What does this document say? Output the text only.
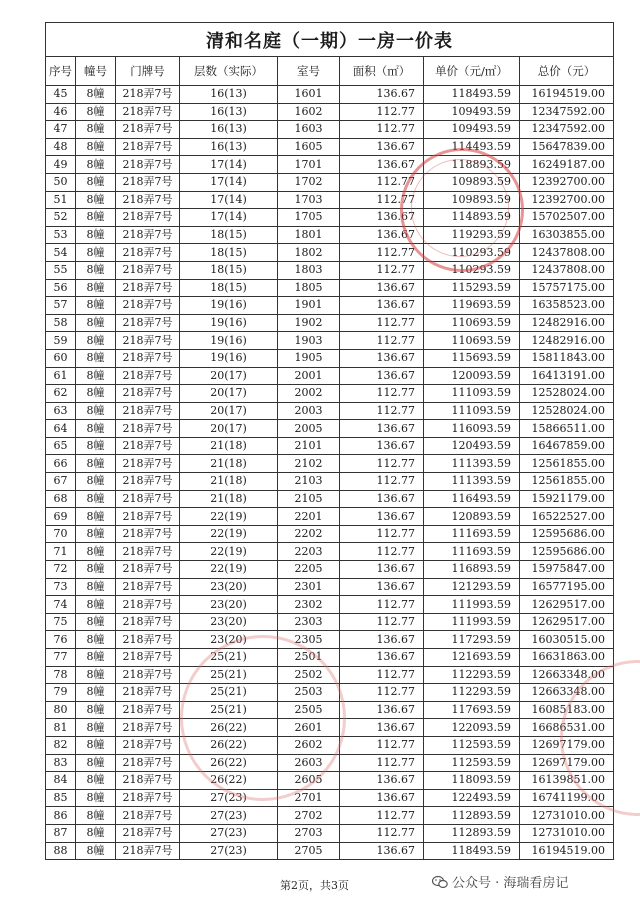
清和名庭（一期）一房一价表							
序号	幢号	门牌号	层数（实际）	室号	面积（㎡）	单价（元/㎡）	总价（元）
45	8幢	218弄7号	16(13)	1601	136.67	118493.59	16194519.00
46	8幢	218弄7号	16(13)	1602	112.77	109493.59	12347592.00
47	8幢	218弄7号	16(13)	1603	112.77	109493.59	12347592.00
48	8幢	218弄7号	16(13)	1605	136.67	114493.59	15647839.00
49	8幢	218弄7号	17(14)	1701	136.67	118893.59	16249187.00
50	8幢	218弄7号	17(14)	1702	112.77	109893.59	12392700.00
51	8幢	218弄7号	17(14)	1703	112.77	109893.59	12392700.00
52	8幢	218弄7号	17(14)	1705	136.67	114893.59	15702507.00
53	8幢	218弄7号	18(15)	1801	136.67	119293.59	16303855.00
54	8幢	218弄7号	18(15)	1802	112.77	110293.59	12437808.00
55	8幢	218弄7号	18(15)	1803	112.77	110293.59	12437808.00
56	8幢	218弄7号	18(15)	1805	136.67	115293.59	15757175.00
57	8幢	218弄7号	19(16)	1901	136.67	119693.59	16358523.00
58	8幢	218弄7号	19(16)	1902	112.77	110693.59	12482916.00
59	8幢	218弄7号	19(16)	1903	112.77	110693.59	12482916.00
60	8幢	218弄7号	19(16)	1905	136.67	115693.59	15811843.00
61	8幢	218弄7号	20(17)	2001	136.67	120093.59	16413191.00
62	8幢	218弄7号	20(17)	2002	112.77	111093.59	12528024.00
63	8幢	218弄7号	20(17)	2003	112.77	111093.59	12528024.00
64	8幢	218弄7号	20(17)	2005	136.67	116093.59	15866511.00
65	8幢	218弄7号	21(18)	2101	136.67	120493.59	16467859.00
66	8幢	218弄7号	21(18)	2102	112.77	111393.59	12561855.00
67	8幢	218弄7号	21(18)	2103	112.77	111393.59	12561855.00
68	8幢	218弄7号	21(18)	2105	136.67	116493.59	15921179.00
69	8幢	218弄7号	22(19)	2201	136.67	120893.59	16522527.00
70	8幢	218弄7号	22(19)	2202	112.77	111693.59	12595686.00
71	8幢	218弄7号	22(19)	2203	112.77	111693.59	12595686.00
72	8幢	218弄7号	22(19)	2205	136.67	116893.59	15975847.00
73	8幢	218弄7号	23(20)	2301	136.67	121293.59	16577195.00
74	8幢	218弄7号	23(20)	2302	112.77	111993.59	12629517.00
75	8幢	218弄7号	23(20)	2303	112.77	111993.59	12629517.00
76	8幢	218弄7号	23(20)	2305	136.67	117293.59	16030515.00
77	8幢	218弄7号	25(21)	2501	136.67	121693.59	16631863.00
78	8幢	218弄7号	25(21)	2502	112.77	112293.59	12663348.00
79	8幢	218弄7号	25(21)	2503	112.77	112293.59	12663348.00
80	8幢	218弄7号	25(21)	2505	136.67	117693.59	16085183.00
81	8幢	218弄7号	26(22)	2601	136.67	122093.59	16686531.00
82	8幢	218弄7号	26(22)	2602	112.77	112593.59	12697179.00
83	8幢	218弄7号	26(22)	2603	112.77	112593.59	12697179.00
84	8幢	218弄7号	26(22)	2605	136.67	118093.59	16139851.00
85	8幢	218弄7号	27(23)	2701	136.67	122493.59	16741199.00
86	8幢	218弄7号	27(23)	2702	112.77	112893.59	12731010.00
87	8幢	218弄7号	27(23)	2703	112.77	112893.59	12731010.00
88	8幢	218弄7号	27(23)	2705	136.67	118493.59	16194519.00
第2页，共3页	公众号 · 海瑞看房记
